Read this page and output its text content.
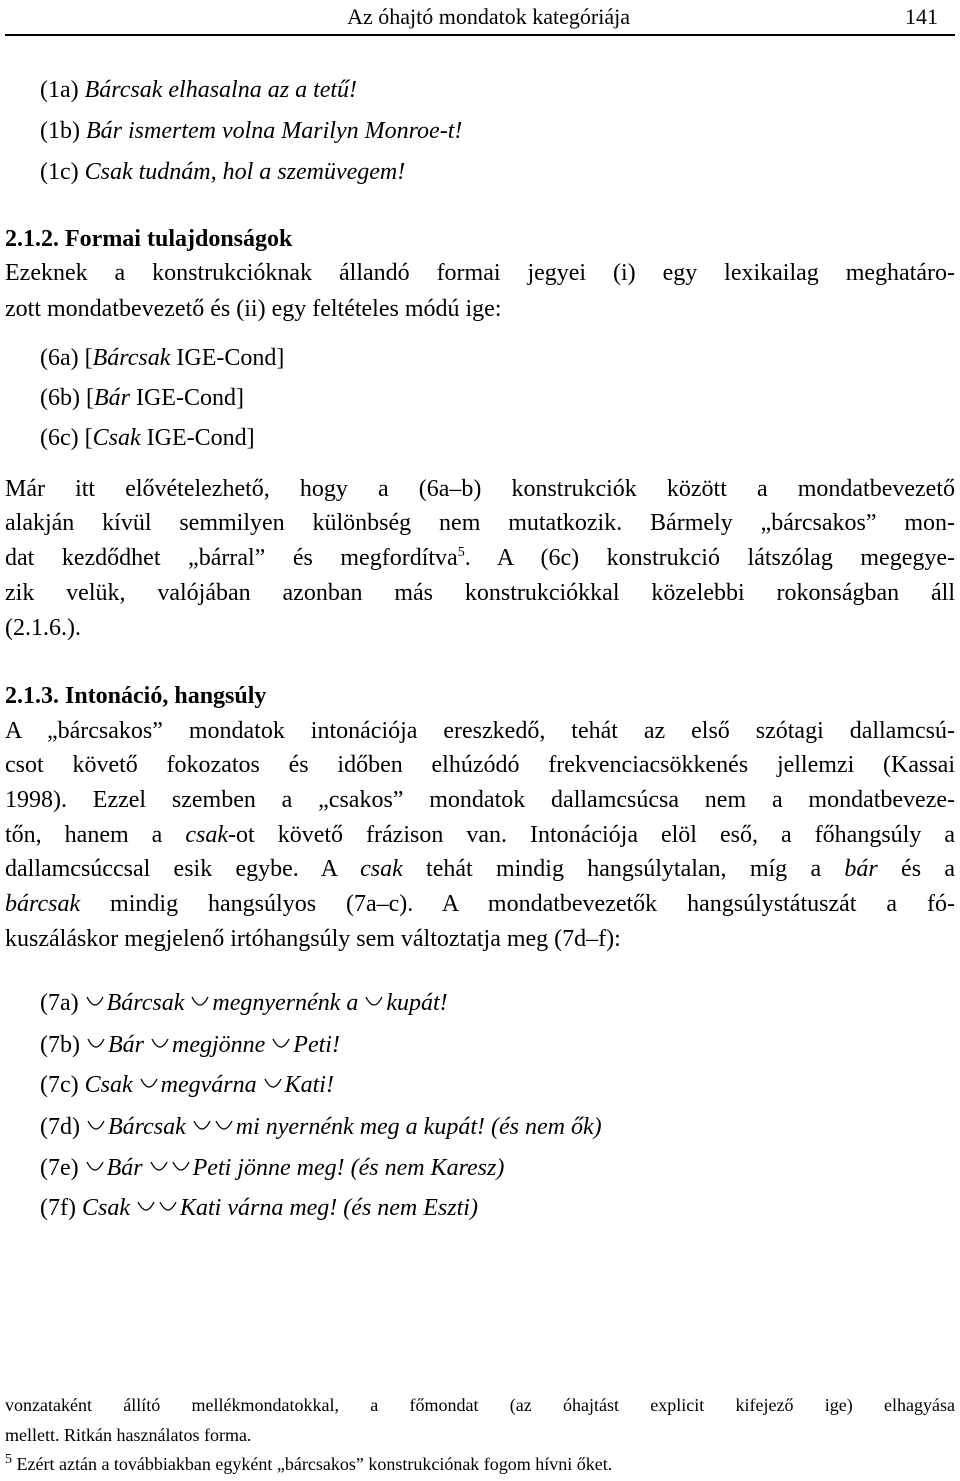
Az óhajtó mondatok kategóriája	141
(1a) Bárcsak elhasalna az a tetű!
(1b) Bár ismertem volna Marilyn Monroe-t!
(1c) Csak tudnám, hol a szemüvegem!
2.1.2. Formai tulajdonságok
Ezeknek a konstrukcióknak állandó formai jegyei (i) egy lexikailag meghatáro-
zott mondatbevezető és (ii) egy feltételes módú ige:
(6a) [Bárcsak IGE-Cond]
(6b) [Bár IGE-Cond]
(6c) [Csak IGE-Cond]
Már itt elővételezhető, hogy a (6a–b) konstrukciók között a mondatbevezető
alakján kívül semmilyen különbség nem mutatkozik. Bármely „bárcsakos” mon-
dat kezdődhet „bárral” és megfordítva$^5$. A (6c) konstrukció látszólag megegye-
zik velük, valójában azonban más konstrukciókkal közelebbi rokonságban áll
(2.1.6.).
2.1.3. Intonáció, hangsúly
A „bárcsakos” mondatok intonációja ereszkedő, tehát az első szótagi dallamcsú-
csot követő fokozatos és időben elhúzódó frekvenciacsökkenés jellemzi (Kassai
1998). Ezzel szemben a „csakos” mondatok dallamcsúcsa nem a mondatbeveze-
tőn, hanem a csak-ot követő frázison van. Intonációja elöl eső, a főhangsúly a
dallamcsúccsal esik egybe. A csak tehát mindig hangsúlytalan, míg a bár és a
bárcsak mindig hangsúlyos (7a–c). A mondatbevezetők hangsúlystátuszát a fó-
kuszáláskor megjelenő irtóhangsúly sem változtatja meg (7d–f):
(7a) Bárcsak
megnyernénk a
kupát!
(7b) Bár
megjönne
Peti!
(7c) Csak
megvárna
Kati!
(7d) Bárcsak
mi nyernénk meg a kupát! (és nem ők)
(7e) Bár
Peti jönne meg! (és nem Karesz)
(7f) Csak
Kati várna meg! (és nem Eszti)
vonzataként állító mellékmondatokkal, a főmondat (az óhajtást explicit kifejező ige) elhagyása
mellett. Ritkán használatos forma.
$^5$ Ezért aztán a továbbiakban egyként „bárcsakos” konstrukciónak fogom hívni őket.
